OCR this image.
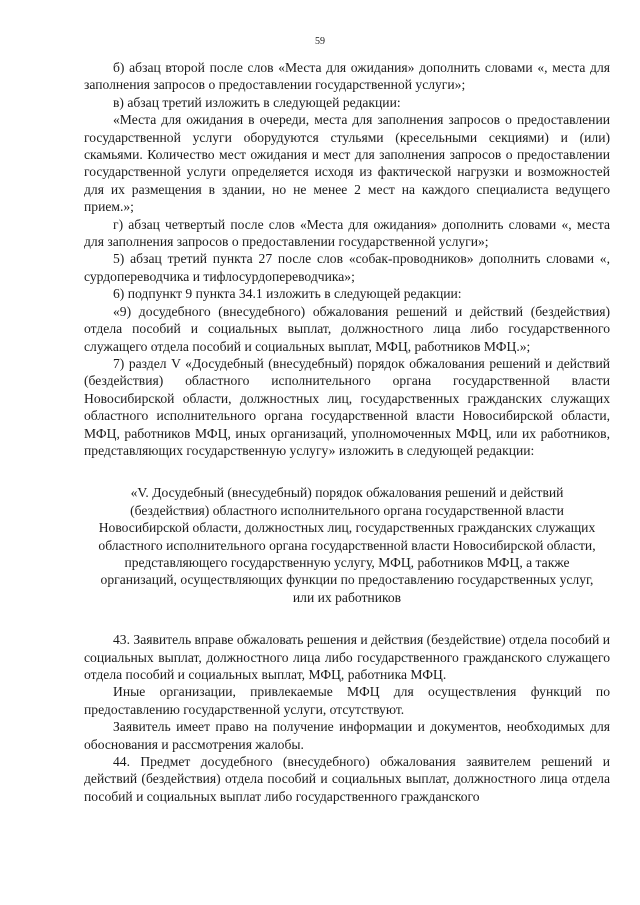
59

б) абзац второй после слов «Места для ожидания» дополнить словами «, места для заполнения запросов о предоставлении государственной услуги»;

в) абзац третий изложить в следующей редакции:

«Места для ожидания в очереди, места для заполнения запросов о предоставлении государственной услуги оборудуются стульями (кресельными секциями) и (или) скамьями. Количество мест ожидания и мест для заполнения запросов о предоставлении государственной услуги определяется исходя из фактической нагрузки и возможностей для их размещения в здании, но не менее 2 мест на каждого специалиста ведущего прием.»;

г) абзац четвертый после слов «Места для ожидания» дополнить словами «, места для заполнения запросов о предоставлении государственной услуги»;

5) абзац третий пункта 27 после слов «собак-проводников» дополнить словами «, сурдопереводчика и тифлосурдопереводчика»;

6) подпункт 9 пункта 34.1 изложить в следующей редакции:

«9) досудебного (внесудебного) обжалования решений и действий (бездействия) отдела пособий и социальных выплат, должностного лица либо государственного служащего отдела пособий и социальных выплат, МФЦ, работников МФЦ.»;

7) раздел V «Досудебный (внесудебный) порядок обжалования решений и действий (бездействия) областного исполнительного органа государственной власти Новосибирской области, должностных лиц, государственных гражданских служащих областного исполнительного органа государственной власти Новосибирской области, МФЦ, работников МФЦ, иных организаций, уполномоченных МФЦ, или их работников, представляющих государственную услугу» изложить в следующей редакции:

«V. Досудебный (внесудебный) порядок обжалования решений и действий (бездействия) областного исполнительного органа государственной власти Новосибирской области, должностных лиц, государственных гражданских служащих областного исполнительного органа государственной власти Новосибирской области, представляющего государственную услугу, МФЦ, работников МФЦ, а также организаций, осуществляющих функции по предоставлению государственных услуг, или их работников

43. Заявитель вправе обжаловать решения и действия (бездействие) отдела пособий и социальных выплат, должностного лица либо государственного гражданского служащего отдела пособий и социальных выплат, МФЦ, работника МФЦ.

Иные организации, привлекаемые МФЦ для осуществления функций по предоставлению государственной услуги, отсутствуют.

Заявитель имеет право на получение информации и документов, необходимых для обоснования и рассмотрения жалобы.

44. Предмет досудебного (внесудебного) обжалования заявителем решений и действий (бездействия) отдела пособий и социальных выплат, должностного лица отдела пособий и социальных выплат либо государственного гражданского
